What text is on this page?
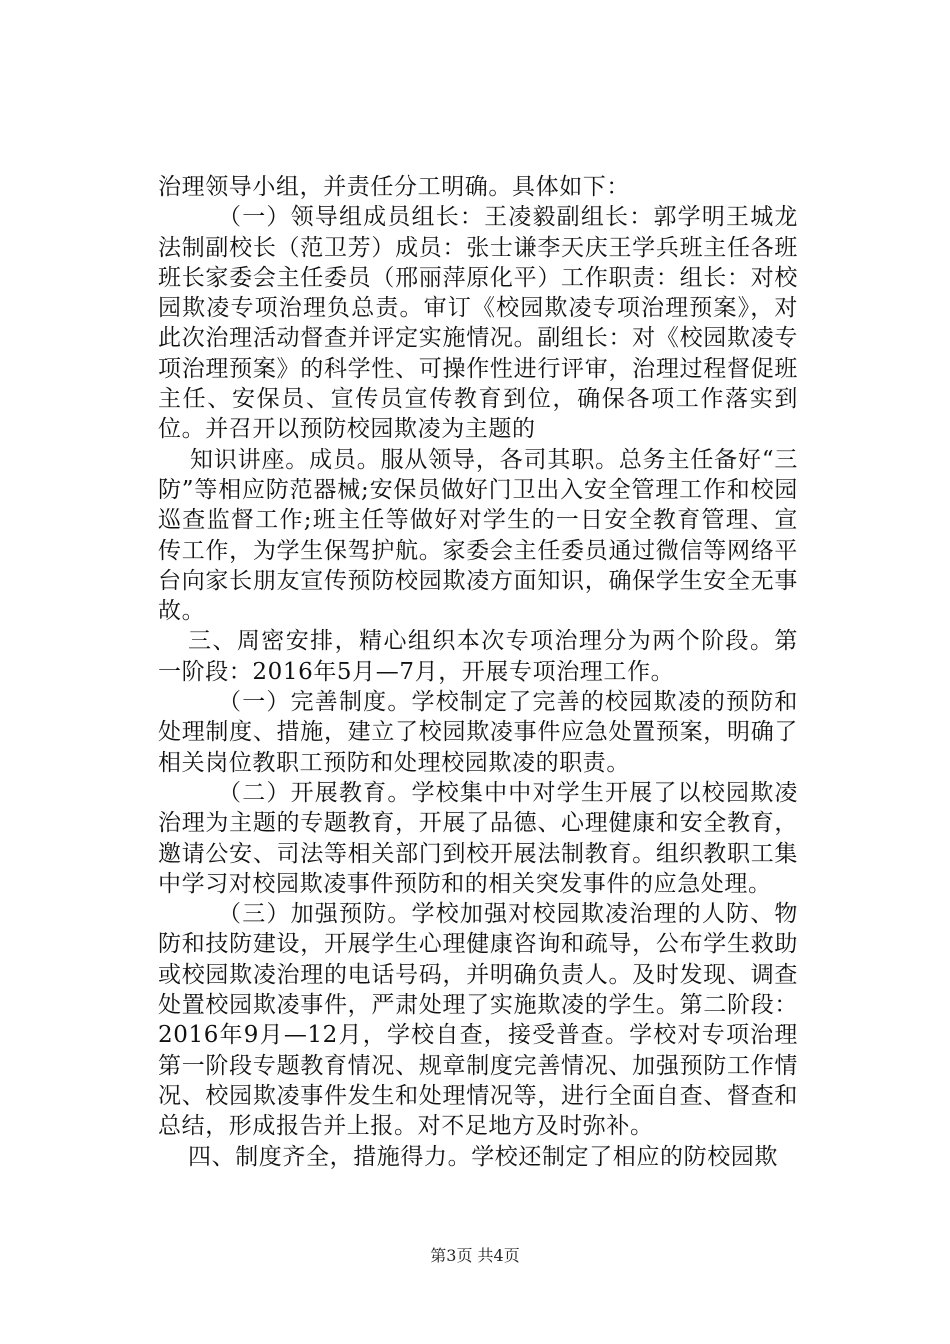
治理领导小组，并责任分工明确。具体如下：

（一）领导组成员组长：王凌毅副组长：郭学明王城龙法制副校长（范卫芳）成员：张士谦李天庆王学兵班主任各班班长家委会主任委员（邢丽萍原化平）工作职责：组长：对校园欺凌专项治理负总责。审订《校园欺凌专项治理预案》，对此次治理活动督查并评定实施情况。副组长：对《校园欺凌专项治理预案》的科学性、可操作性进行评审，治理过程督促班主任、安保员、宣传员宣传教育到位，确保各项工作落实到位。并召开以预防校园欺凌为主题的

知识讲座。成员。服从领导，各司其职。总务主任备好“三防”等相应防范器械;安保员做好门卫出入安全管理工作和校园巡查监督工作;班主任等做好对学生的一日安全教育管理、宣传工作，为学生保驾护航。家委会主任委员通过微信等网络平台向家长朋友宣传预防校园欺凌方面知识，确保学生安全无事故。

三、周密安排，精心组织本次专项治理分为两个阶段。第一阶段：2016年5月—7月，开展专项治理工作。

（一）完善制度。学校制定了完善的校园欺凌的预防和处理制度、措施，建立了校园欺凌事件应急处置预案，明确了相关岗位教职工预防和处理校园欺凌的职责。

（二）开展教育。学校集中中对学生开展了以校园欺凌治理为主题的专题教育，开展了品德、心理健康和安全教育，邀请公安、司法等相关部门到校开展法制教育。组织教职工集中学习对校园欺凌事件预防和的相关突发事件的应急处理。

（三）加强预防。学校加强对校园欺凌治理的人防、物防和技防建设，开展学生心理健康咨询和疏导，公布学生救助或校园欺凌治理的电话号码，并明确负责人。及时发现、调查处置校园欺凌事件，严肃处理了实施欺凌的学生。第二阶段：2016年9月—12月，学校自查，接受普查。学校对专项治理第一阶段专题教育情况、规章制度完善情况、加强预防工作情况、校园欺凌事件发生和处理情况等，进行全面自查、督查和总结，形成报告并上报。对不足地方及时弥补。

四、制度齐全，措施得力。学校还制定了相应的防校园欺

第3页 共4页
